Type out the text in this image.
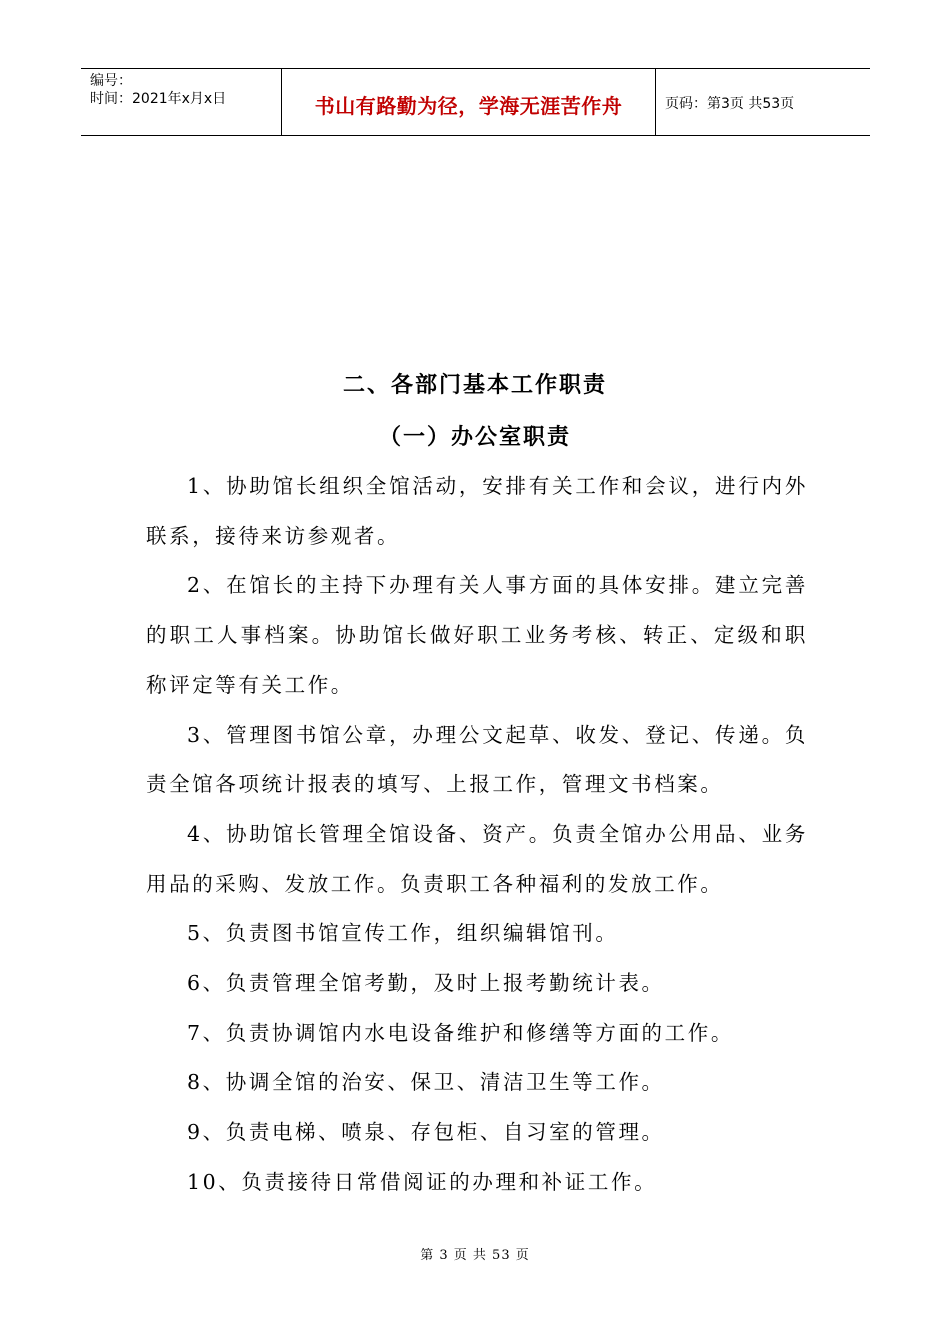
编号：
时间：2021年x月x日	书山有路勤为径，学海无涯苦作舟	页码：第3页 共53页
二、各部门基本工作职责
（一）办公室职责

1、协助馆长组织全馆活动，安排有关工作和会议，进行内外联系，接待来访参观者。

2、在馆长的主持下办理有关人事方面的具体安排。建立完善的职工人事档案。协助馆长做好职工业务考核、转正、定级和职称评定等有关工作。

3、管理图书馆公章，办理公文起草、收发、登记、传递。负责全馆各项统计报表的填写、上报工作，管理文书档案。

4、协助馆长管理全馆设备、资产。负责全馆办公用品、业务用品的采购、发放工作。负责职工各种福利的发放工作。

5、负责图书馆宣传工作，组织编辑馆刊。

6、负责管理全馆考勤，及时上报考勤统计表。

7、负责协调馆内水电设备维护和修缮等方面的工作。

8、协调全馆的治安、保卫、清洁卫生等工作。

9、负责电梯、喷泉、存包柜、自习室的管理。

10、负责接待日常借阅证的办理和补证工作。

第 3 页 共 53 页
